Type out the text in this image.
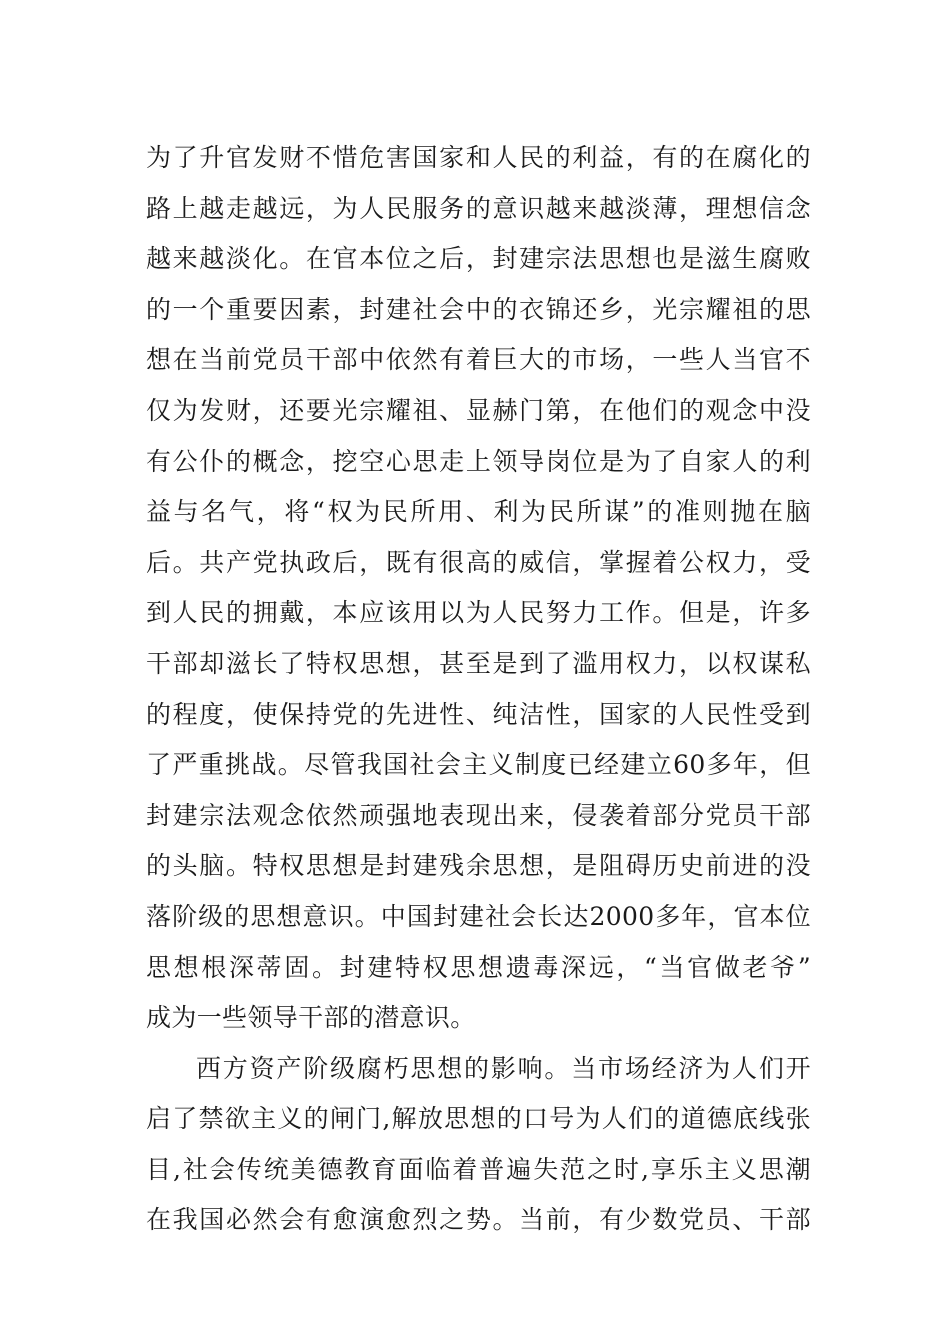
为了升官发财不惜危害国家和人民的利益，有的在腐化的
路上越走越远，为人民服务的意识越来越淡薄，理想信念
越来越淡化。在官本位之后，封建宗法思想也是滋生腐败
的一个重要因素，封建社会中的衣锦还乡，光宗耀祖的思
想在当前党员干部中依然有着巨大的市场，一些人当官不
仅为发财，还要光宗耀祖、显赫门第，在他们的观念中没
有公仆的概念，挖空心思走上领导岗位是为了自家人的利
益与名气，将“权为民所用、利为民所谋”的准则抛在脑
后。共产党执政后，既有很高的威信，掌握着公权力，受
到人民的拥戴，本应该用以为人民努力工作。但是，许多
干部却滋长了特权思想，甚至是到了滥用权力，以权谋私
的程度，使保持党的先进性、纯洁性，国家的人民性受到
了严重挑战。尽管我国社会主义制度已经建立60多年，但
封建宗法观念依然顽强地表现出来，侵袭着部分党员干部
的头脑。特权思想是封建残余思想，是阻碍历史前进的没
落阶级的思想意识。中国封建社会长达2000多年，官本位
思想根深蒂固。封建特权思想遗毒深远，“当官做老爷”
成为一些领导干部的潜意识。
西方资产阶级腐朽思想的影响。当市场经济为人们开
启了禁欲主义的闸门,解放思想的口号为人们的道德底线张
目,社会传统美德教育面临着普遍失范之时,享乐主义思潮
在我国必然会有愈演愈烈之势。当前，有少数党员、干部
